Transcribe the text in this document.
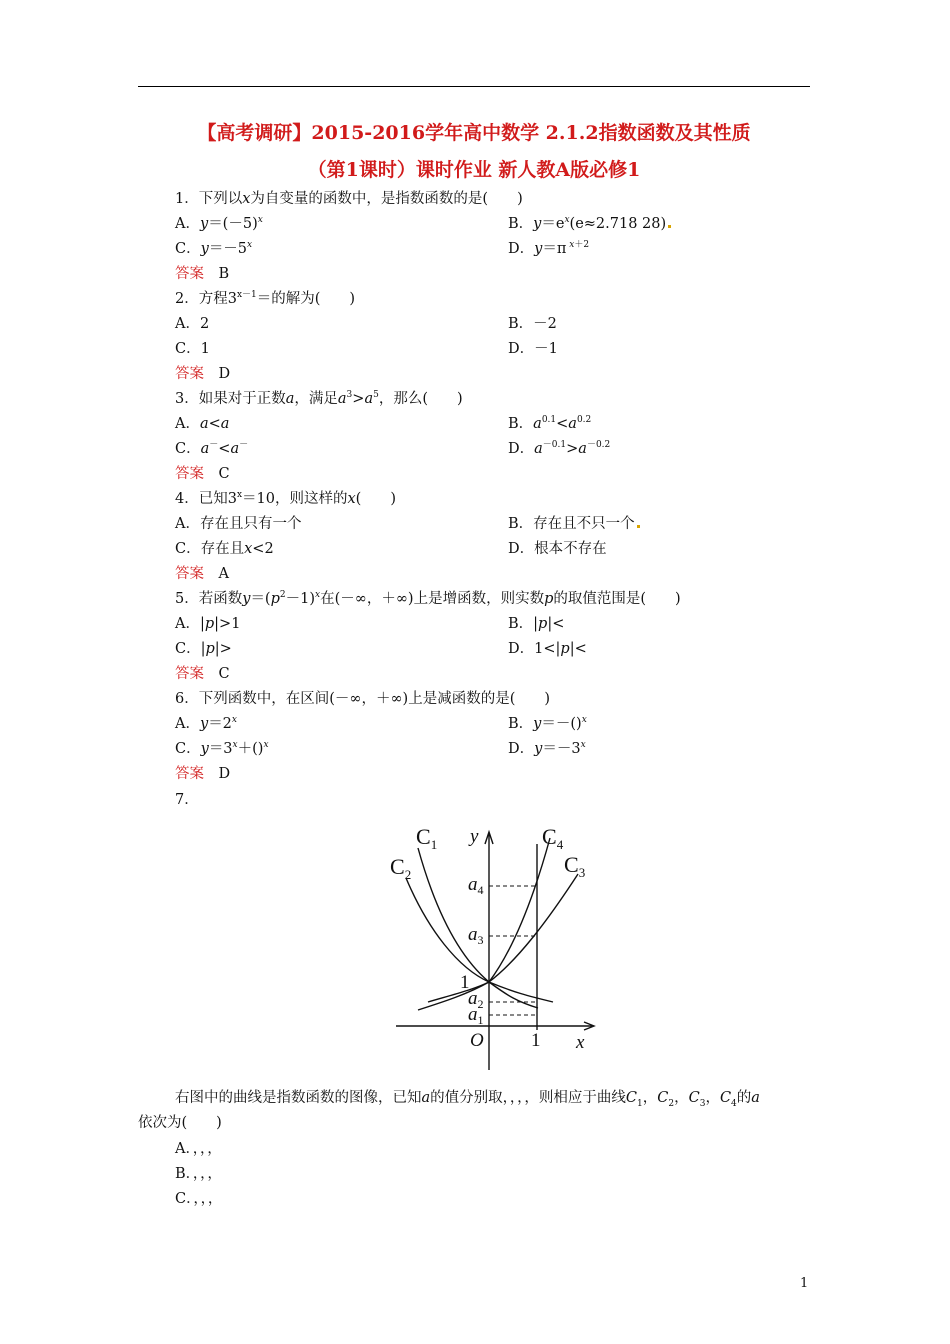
【高考调研】2015-2016学年高中数学 2.1.2指数函数及其性质
（第1课时）课时作业 新人教A版必修1
1．下列以x为自变量的函数中，是指数函数的是(　　)
A．$y=(-5)^x$	B．$y=e^x(e\approx 2.718$ 28)
C．$y=-5^x$	D．y＝π $^{x+2}$
答案　 B
2．方程$3^{x-1}=$的解为(　　)
A．2	B．－2
C．1	D．－1
答案　 D
3．如果对于正数a，满足$a^3>a^5$，那么(　　)
A．a<a	B．$a^{0.1}<a^{0.2}$
C．a－<a－	D．$a^{-0.1}>a^{-0.2}$
答案　 C
4．已知$3^x=10$，则这样的x(　　)
A．存在且只有一个	B．存在且不只一个
C．存在且x<2	D．根本不存在
答案　 A
5．若函数$y=(p^2-1)^x$在(－∞，＋∞)上是增函数，则实数p的取值范围是(　　)
A．|p|>1	B．|p|<
C．|p|>	D．1<|p|<
答案　 C
6．下列函数中，在区间(－∞，＋∞)上是减函数的是(　　)
A．$y=2^x$	B．y＝－()$^x$
C．$y=3^x+()^x$	D．$y=-3^x$
答案　 D
7．
$C_1$
$C_2$	$C_3$
$C_4$
y
x
O 1
1
$a_4$
$a_3$
$a_2$
$a_1$
右图中的曲线是指数函数的图像，已知a的值分别取，，，，则相应于曲线$C_1$，$C_2$，$C_3$，$C_4$的a
依次为(　　)
A．，，，
B．，，，
C．，，，
1
